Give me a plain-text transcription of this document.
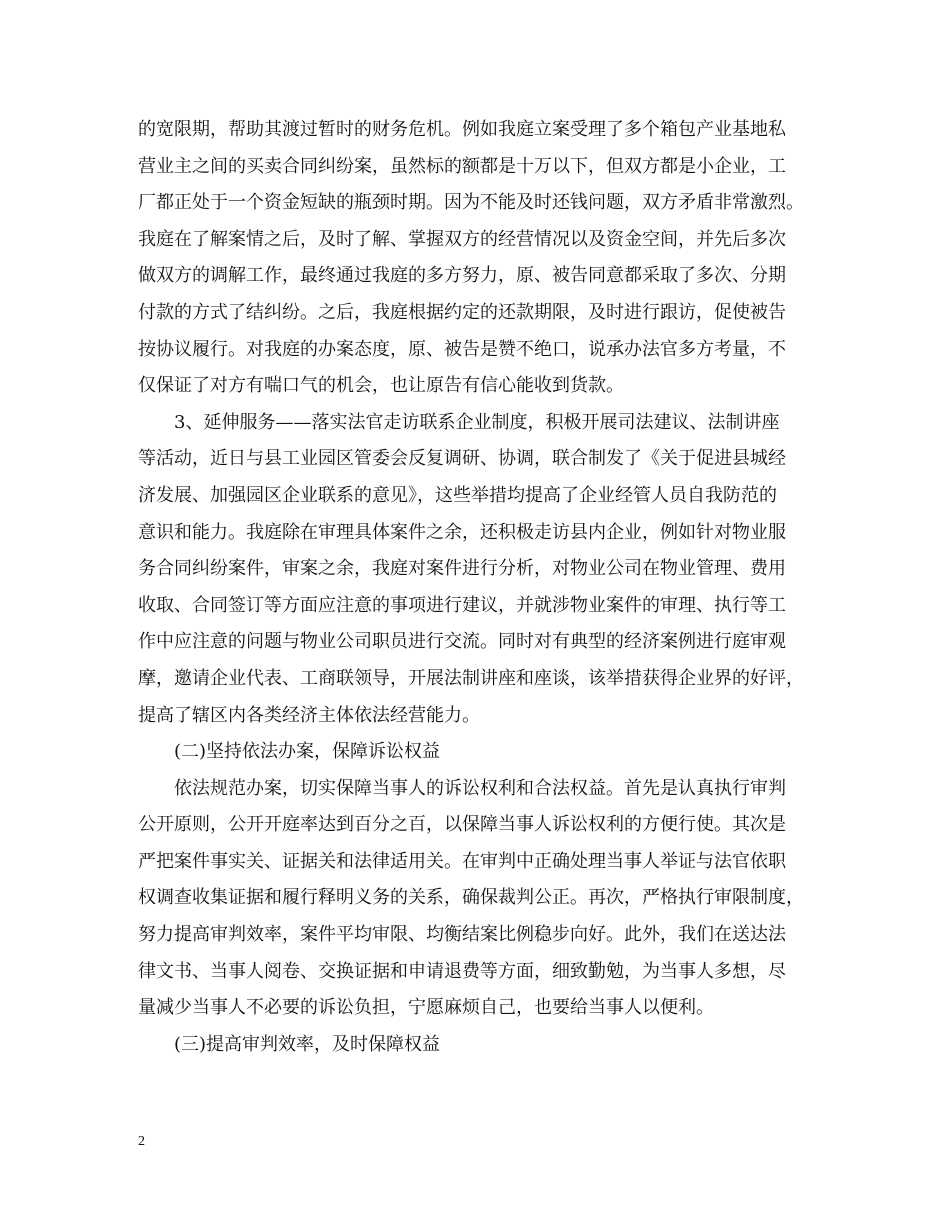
的宽限期，帮助其渡过暂时的财务危机。例如我庭立案受理了多个箱包产业基地私
营业主之间的买卖合同纠纷案，虽然标的额都是十万以下，但双方都是小企业，工
厂都正处于一个资金短缺的瓶颈时期。因为不能及时还钱问题，双方矛盾非常激烈。
我庭在了解案情之后，及时了解、掌握双方的经营情况以及资金空间，并先后多次
做双方的调解工作，最终通过我庭的多方努力，原、被告同意都采取了多次、分期
付款的方式了结纠纷。之后，我庭根据约定的还款期限，及时进行跟访，促使被告
按协议履行。对我庭的办案态度，原、被告是赞不绝口，说承办法官多方考量，不
仅保证了对方有喘口气的机会，也让原告有信心能收到货款。
3、延伸服务——落实法官走访联系企业制度，积极开展司法建议、法制讲座
等活动，近日与县工业园区管委会反复调研、协调，联合制发了《关于促进县城经
济发展、加强园区企业联系的意见》，这些举措均提高了企业经管人员自我防范的
意识和能力。我庭除在审理具体案件之余，还积极走访县内企业，例如针对物业服
务合同纠纷案件，审案之余，我庭对案件进行分析，对物业公司在物业管理、费用
收取、合同签订等方面应注意的事项进行建议，并就涉物业案件的审理、执行等工
作中应注意的问题与物业公司职员进行交流。同时对有典型的经济案例进行庭审观
摩，邀请企业代表、工商联领导，开展法制讲座和座谈，该举措获得企业界的好评，
提高了辖区内各类经济主体依法经营能力。
(二)坚持依法办案，保障诉讼权益
依法规范办案，切实保障当事人的诉讼权利和合法权益。首先是认真执行审判
公开原则，公开开庭率达到百分之百，以保障当事人诉讼权利的方便行使。其次是
严把案件事实关、证据关和法律适用关。在审判中正确处理当事人举证与法官依职
权调查收集证据和履行释明义务的关系，确保裁判公正。再次，严格执行审限制度，
努力提高审判效率，案件平均审限、均衡结案比例稳步向好。此外，我们在送达法
律文书、当事人阅卷、交换证据和申请退费等方面，细致勤勉，为当事人多想，尽
量减少当事人不必要的诉讼负担，宁愿麻烦自己，也要给当事人以便利。
(三)提高审判效率，及时保障权益
2
